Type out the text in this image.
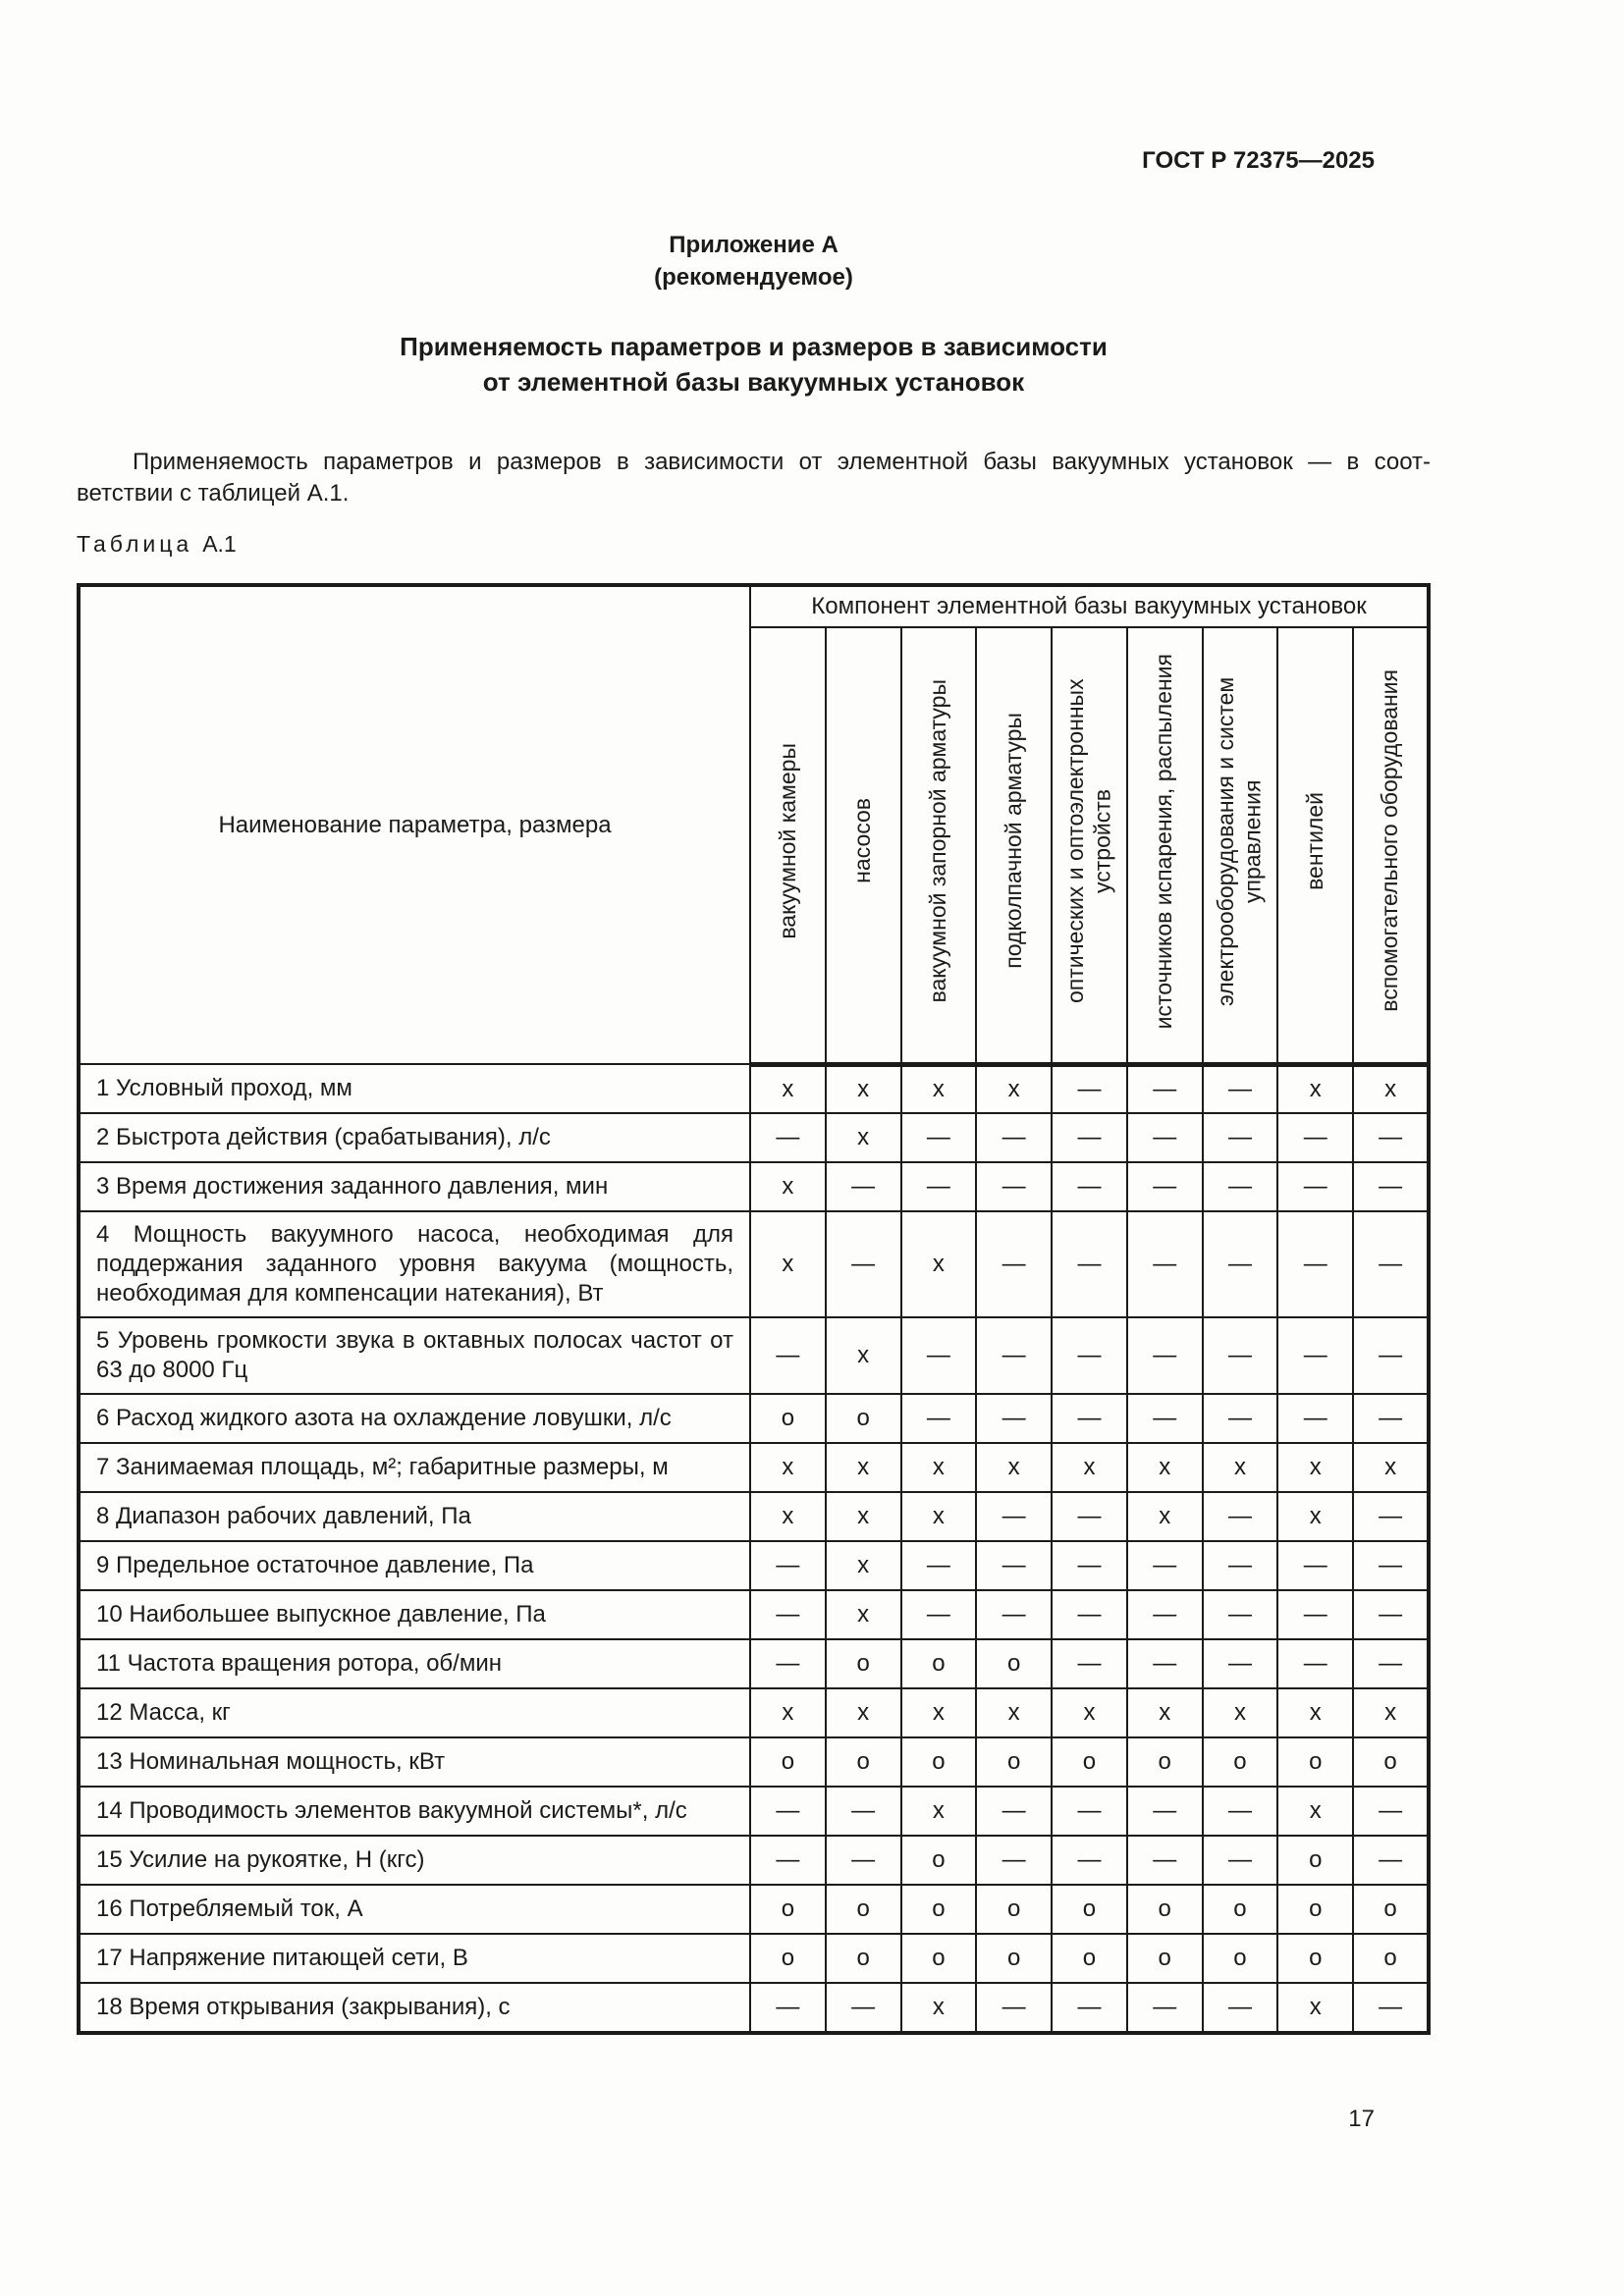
ГОСТ Р 72375—2025
Приложение А
(рекомендуемое)
Применяемость параметров и размеров в зависимости
от элементной базы вакуумных установок

Применяемость параметров и размеров в зависимости от элементной базы вакуумных установок — в соот-
ветствии с таблицей А.1.

Таблица А.1
Наименование параметра, размера	Компонент элементной базы вакуумных установок								
	вакуумной камеры	насосов	вакуумной запорной арматуры	подколпачной арматуры	оптических и оптоэлектронных устройств	источников испарения, распыления	электрооборудования и систем управления	вентилей	вспомогательного оборудования
1 Условный проход, мм	х	х	х	х	—	—	—	х	х
2 Быстрота действия (срабатывания), л/с	—	х	—	—	—	—	—	—	—
3 Время достижения заданного давления, мин	х	—	—	—	—	—	—	—	—
4 Мощность вакуумного насоса, необходимая для поддержания заданного уровня вакуума (мощность, необходимая для компенсации натекания), Вт	х	—	х	—	—	—	—	—	—
5 Уровень громкости звука в октавных полосах частот от 63 до 8000 Гц	—	х	—	—	—	—	—	—	—
6 Расход жидкого азота на охлаждение ловушки, л/с	о	о	—	—	—	—	—	—	—
7 Занимаемая площадь, м²; габаритные размеры, м	х	х	х	х	х	х	х	х	х
8 Диапазон рабочих давлений, Па	х	х	х	—	—	х	—	х	—
9 Предельное остаточное давление, Па	—	х	—	—	—	—	—	—	—
10 Наибольшее выпускное давление, Па	—	х	—	—	—	—	—	—	—
11 Частота вращения ротора, об/мин	—	о	о	о	—	—	—	—	—
12 Масса, кг	х	х	х	х	х	х	х	х	х
13 Номинальная мощность, кВт	о	о	о	о	о	о	о	о	о
14 Проводимость элементов вакуумной системы*, л/с	—	—	х	—	—	—	—	х	—
15 Усилие на рукоятке, Н (кгс)	—	—	о	—	—	—	—	о	—
16 Потребляемый ток, А	о	о	о	о	о	о	о	о	о
17 Напряжение питающей сети, В	о	о	о	о	о	о	о	о	о
18 Время открывания (закрывания), с	—	—	х	—	—	—	—	х	—
17
